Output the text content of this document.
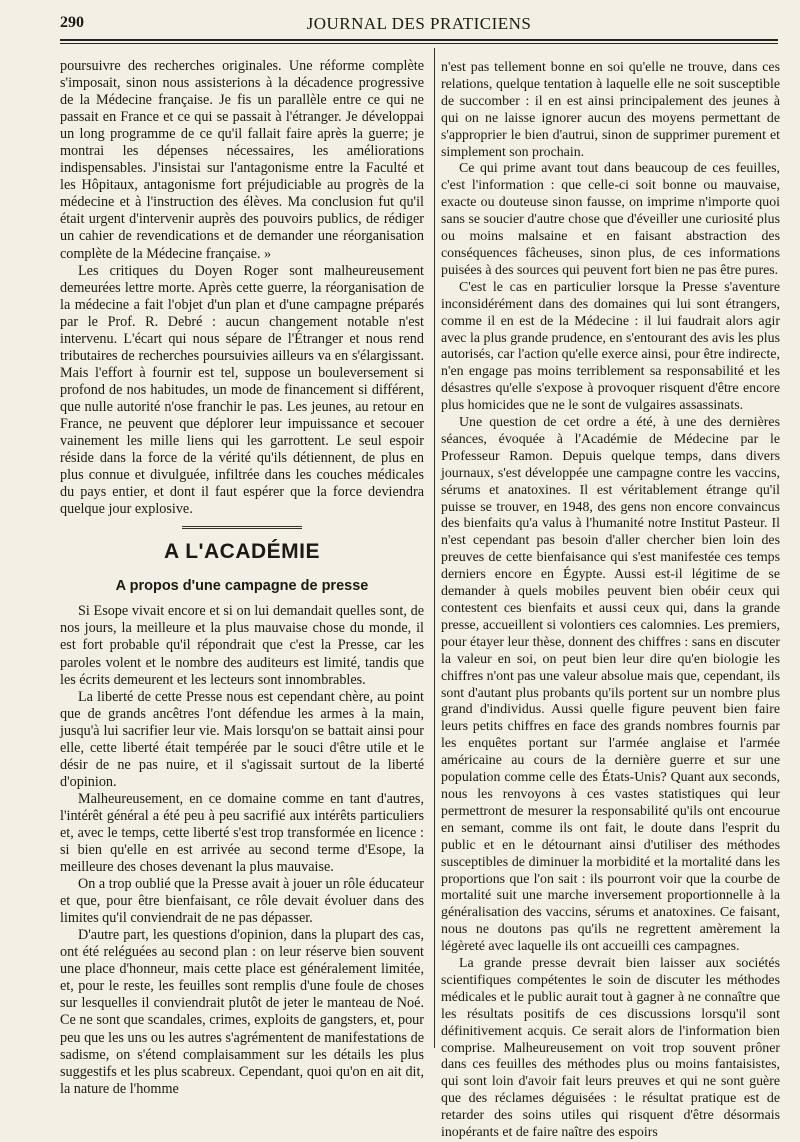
290	JOURNAL DES PRATICIENS

poursuivre des recherches originales. Une réforme complète s'imposait, sinon nous assisterions à la décadence progressive de la Médecine française. Je fis un parallèle entre ce qui ne passait en France et ce qui se passait à l'étranger. Je développai un long programme de ce qu'il fallait faire après la guerre; je montrai les dépenses nécessaires, les améliorations indispensables. J'insistai sur l'antagonisme entre la Faculté et les Hôpitaux, antagonisme fort préjudiciable au progrès de la médecine et à l'instruction des élèves. Ma conclusion fut qu'il était urgent d'intervenir auprès des pouvoirs publics, de rédiger un cahier de revendications et de demander une réorganisation complète de la Médecine française. »

Les critiques du Doyen Roger sont malheureusement demeurées lettre morte. Après cette guerre, la réorganisation de la médecine a fait l'objet d'un plan et d'une campagne préparés par le Prof. R. Debré : aucun changement notable n'est intervenu. L'écart qui nous sépare de l'Étranger et nous rend tributaires de recherches poursuivies ailleurs va en s'élargissant. Mais l'effort à fournir est tel, suppose un bouleversement si profond de nos habitudes, un mode de financement si différent, que nulle autorité n'ose franchir le pas. Les jeunes, au retour en France, ne peuvent que déplorer leur impuissance et secouer vainement les mille liens qui les garrottent. Le seul espoir réside dans la force de la vérité qu'ils détiennent, de plus en plus connue et divulguée, infiltrée dans les couches médicales du pays entier, et dont il faut espérer que la force deviendra quelque jour explosive.

A L'ACADÉMIE
A propos d'une campagne de presse

Si Esope vivait encore et si on lui demandait quelles sont, de nos jours, la meilleure et la plus mauvaise chose du monde, il est fort probable qu'il répondrait que c'est la Presse, car les paroles volent et le nombre des auditeurs est limité, tandis que les écrits demeurent et les lecteurs sont innombrables.

La liberté de cette Presse nous est cependant chère, au point que de grands ancêtres l'ont défendue les armes à la main, jusqu'à lui sacrifier leur vie. Mais lorsqu'on se battait ainsi pour elle, cette liberté était tempérée par le souci d'être utile et le désir de ne pas nuire, et il s'agissait surtout de la liberté d'opinion.

Malheureusement, en ce domaine comme en tant d'autres, l'intérêt général a été peu à peu sacrifié aux intérêts particuliers et, avec le temps, cette liberté s'est trop transformée en licence : si bien qu'elle en est arrivée au second terme d'Esope, la meilleure des choses devenant la plus mauvaise.

On a trop oublié que la Presse avait à jouer un rôle éducateur et que, pour être bienfaisant, ce rôle devait évoluer dans des limites qu'il conviendrait de ne pas dépasser.

D'autre part, les questions d'opinion, dans la plupart des cas, ont été reléguées au second plan : on leur réserve bien souvent une place d'honneur, mais cette place est généralement limitée, et, pour le reste, les feuilles sont remplis d'une foule de choses sur lesquelles il conviendrait plutôt de jeter le manteau de Noé. Ce ne sont que scandales, crimes, exploits de gangsters, et, pour peu que les uns ou les autres s'agrémentent de manifestations de sadisme, on s'étend complaisamment sur les détails les plus suggestifs et les plus scabreux. Cependant, quoi qu'on en ait dit, la nature de l'homme

n'est pas tellement bonne en soi qu'elle ne trouve, dans ces relations, quelque tentation à laquelle elle ne soit susceptible de succomber : il en est ainsi principalement des jeunes à qui on ne laisse ignorer aucun des moyens permettant de s'approprier le bien d'autrui, sinon de supprimer purement et simplement son prochain.

Ce qui prime avant tout dans beaucoup de ces feuilles, c'est l'information : que celle-ci soit bonne ou mauvaise, exacte ou douteuse sinon fausse, on imprime n'importe quoi sans se soucier d'autre chose que d'éveiller une curiosité plus ou moins malsaine et en faisant abstraction des conséquences fâcheuses, sinon plus, de ces informations puisées à des sources qui peuvent fort bien ne pas être pures.

C'est le cas en particulier lorsque la Presse s'aventure inconsidérément dans des domaines qui lui sont étrangers, comme il en est de la Médecine : il lui faudrait alors agir avec la plus grande prudence, en s'entourant des avis les plus autorisés, car l'action qu'elle exerce ainsi, pour être indirecte, n'en engage pas moins terriblement sa responsabilité et les désastres qu'elle s'expose à provoquer risquent d'être encore plus homicides que ne le sont de vulgaires assassinats.

Une question de cet ordre a été, à une des dernières séances, évoquée à l'Académie de Médecine par le Professeur Ramon. Depuis quelque temps, dans divers journaux, s'est développée une campagne contre les vaccins, sérums et anatoxines. Il est véritablement étrange qu'il puisse se trouver, en 1948, des gens non encore convaincus des bienfaits qu'a valus à l'humanité notre Institut Pasteur. Il n'est cependant pas besoin d'aller chercher bien loin des preuves de cette bienfaisance qui s'est manifestée ces temps derniers encore en Égypte. Aussi est-il légitime de se demander à quels mobiles peuvent bien obéir ceux qui contestent ces bienfaits et aussi ceux qui, dans la grande presse, accueillent si volontiers ces calomnies. Les premiers, pour étayer leur thèse, donnent des chiffres : sans en discuter la valeur en soi, on peut bien leur dire qu'en biologie les chiffres n'ont pas une valeur absolue mais que, cependant, ils sont d'autant plus probants qu'ils portent sur un nombre plus grand d'individus. Aussi quelle figure peuvent bien faire leurs petits chiffres en face des grands nombres fournis par les enquêtes portant sur l'armée anglaise et l'armée américaine au cours de la dernière guerre et sur une population comme celle des États-Unis? Quant aux seconds, nous les renvoyons à ces vastes statistiques qui leur permettront de mesurer la responsabilité qu'ils ont encourue en semant, comme ils ont fait, le doute dans l'esprit du public et en le détournant ainsi d'utiliser des méthodes susceptibles de diminuer la morbidité et la mortalité dans les proportions que l'on sait : ils pourront voir que la courbe de mortalité suit une marche inversement proportionnelle à la généralisation des vaccins, sérums et anatoxines. Ce faisant, nous ne doutons pas qu'ils ne regrettent amèrement la légèreté avec laquelle ils ont accueilli ces campagnes.

La grande presse devrait bien laisser aux sociétés scientifiques compétentes le soin de discuter les méthodes médicales et le public aurait tout à gagner à ne connaître que les résultats positifs de ces discussions lorsqu'il sont définitivement acquis. Ce serait alors de l'information bien comprise. Malheureusement on voit trop souvent prôner dans ces feuilles des méthodes plus ou moins fantaisistes, qui sont loin d'avoir fait leurs preuves et qui ne sont guère que des réclames déguisées : le résultat pratique est de retarder des soins utiles qui risquent d'être désormais inopérants et de faire naître des espoirs
